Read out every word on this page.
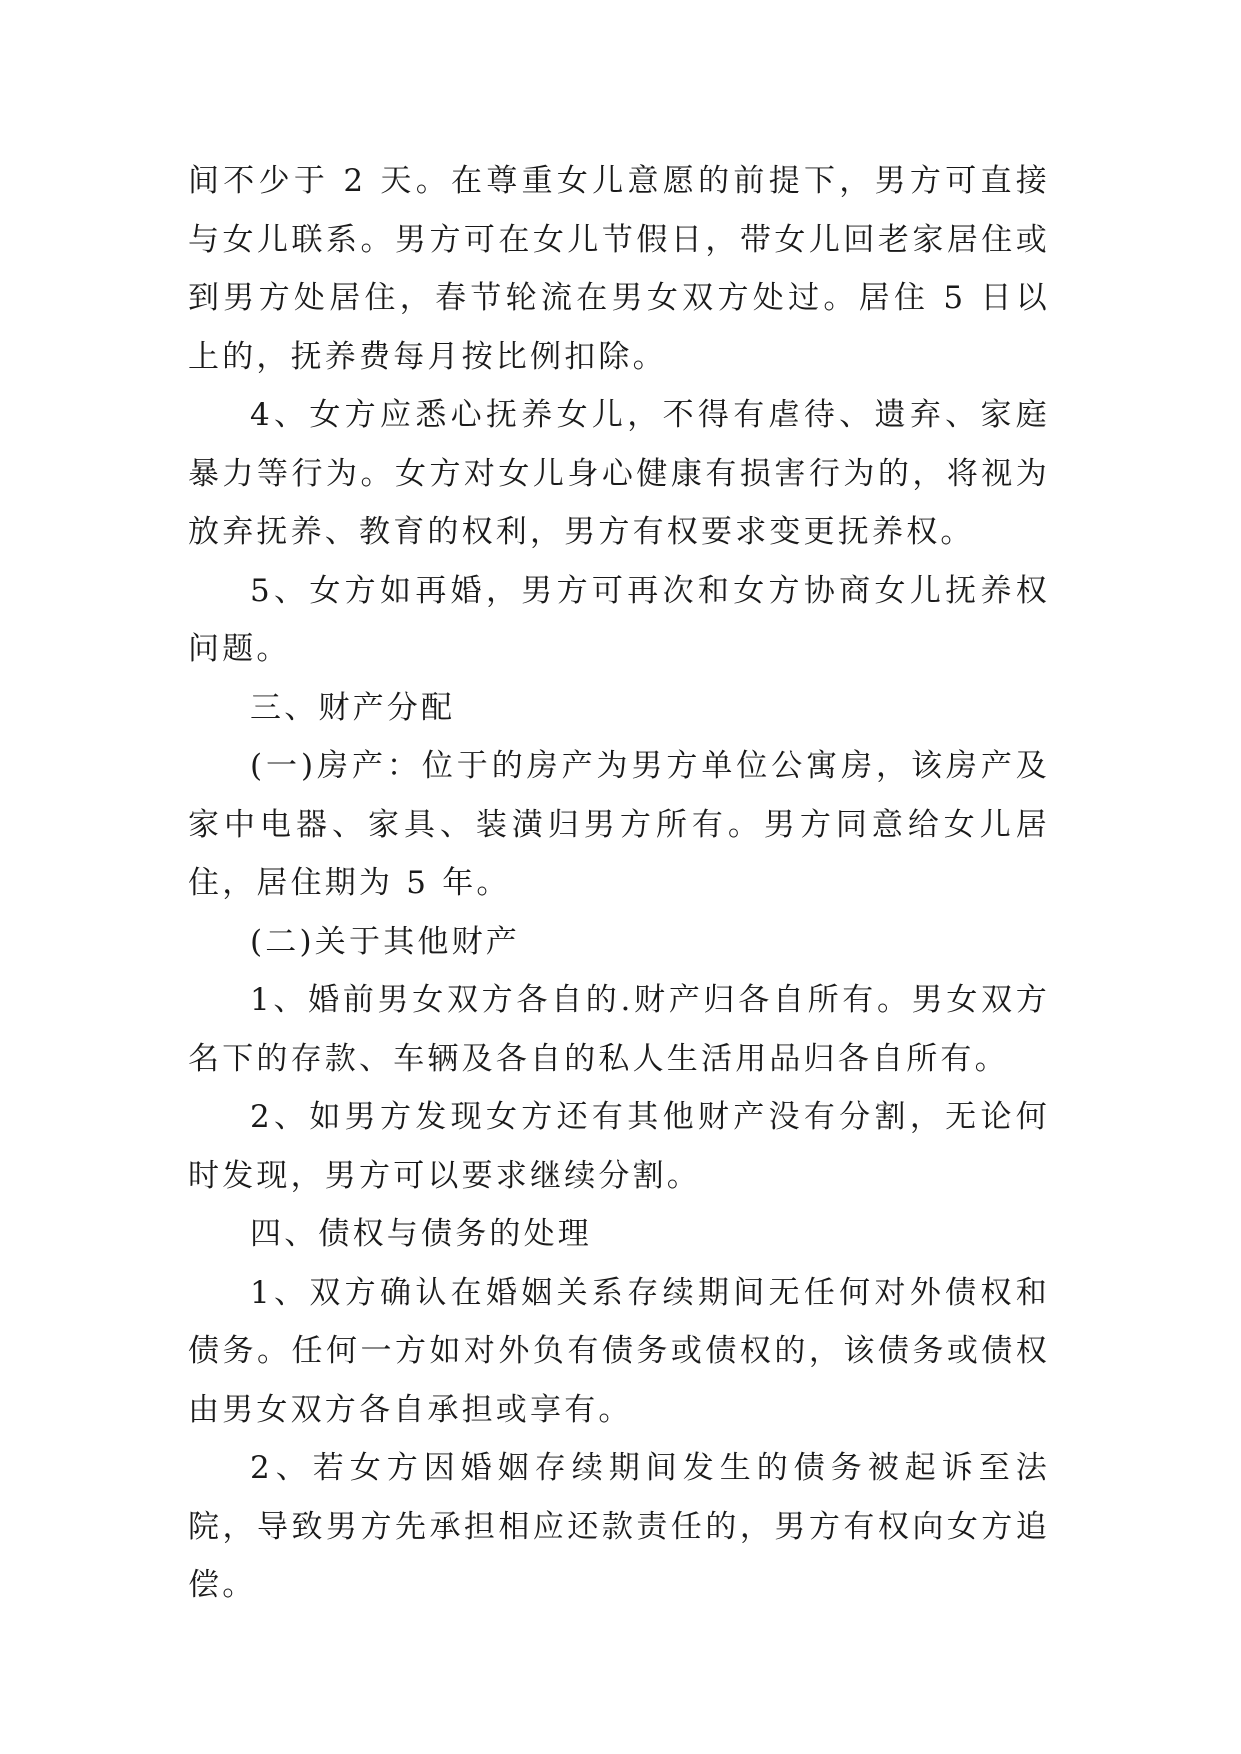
间不少于 2 天。在尊重女儿意愿的前提下，男方可直接与女儿联系。男方可在女儿节假日，带女儿回老家居住或到男方处居住，春节轮流在男女双方处过。居住 5 日以上的，抚养费每月按比例扣除。

4、女方应悉心抚养女儿，不得有虐待、遗弃、家庭暴力等行为。女方对女儿身心健康有损害行为的，将视为放弃抚养、教育的权利，男方有权要求变更抚养权。

5、女方如再婚，男方可再次和女方协商女儿抚养权问题。

三、财产分配

(一)房产：位于的房产为男方单位公寓房，该房产及家中电器、家具、装潢归男方所有。男方同意给女儿居住，居住期为 5 年。

(二)关于其他财产

1、婚前男女双方各自的.财产归各自所有。男女双方名下的存款、车辆及各自的私人生活用品归各自所有。

2、如男方发现女方还有其他财产没有分割，无论何时发现，男方可以要求继续分割。

四、债权与债务的处理

1、双方确认在婚姻关系存续期间无任何对外债权和债务。任何一方如对外负有债务或债权的，该债务或债权由男女双方各自承担或享有。

2、若女方因婚姻存续期间发生的债务被起诉至法院，导致男方先承担相应还款责任的，男方有权向女方追偿。
